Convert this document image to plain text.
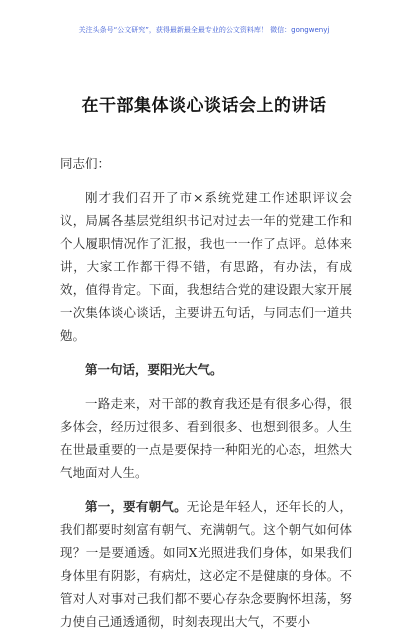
关注头条号“公文研究”，获得最新最全最专业的公文资料库！ 微信：gongwenyj
在干部集体谈心谈话会上的讲话

同志们：

刚才我们召开了市×系统党建工作述职评议会议，局属各基层党组织书记对过去一年的党建工作和个人履职情况作了汇报，我也一一作了点评。总体来讲，大家工作都干得不错，有思路，有办法，有成效，值得肯定。下面，我想结合党的建设跟大家开展一次集体谈心谈话，主要讲五句话，与同志们一道共勉。

第一句话，要阳光大气。

一路走来，对干部的教育我还是有很多心得，很多体会，经历过很多、看到很多、也想到很多。人生在世最重要的一点是要保持一种阳光的心态，坦然大气地面对人生。

第一，要有朝气。无论是年轻人，还年长的人，我们都要时刻富有朝气、充满朝气。这个朝气如何体现？一是要通透。如同X光照进我们身体，如果我们身体里有阴影，有病灶，这必定不是健康的身体。不管对人对事对己我们都不要心存杂念要胸怀坦荡，努力使自己通透通彻，时刻表现出大气，不要小
